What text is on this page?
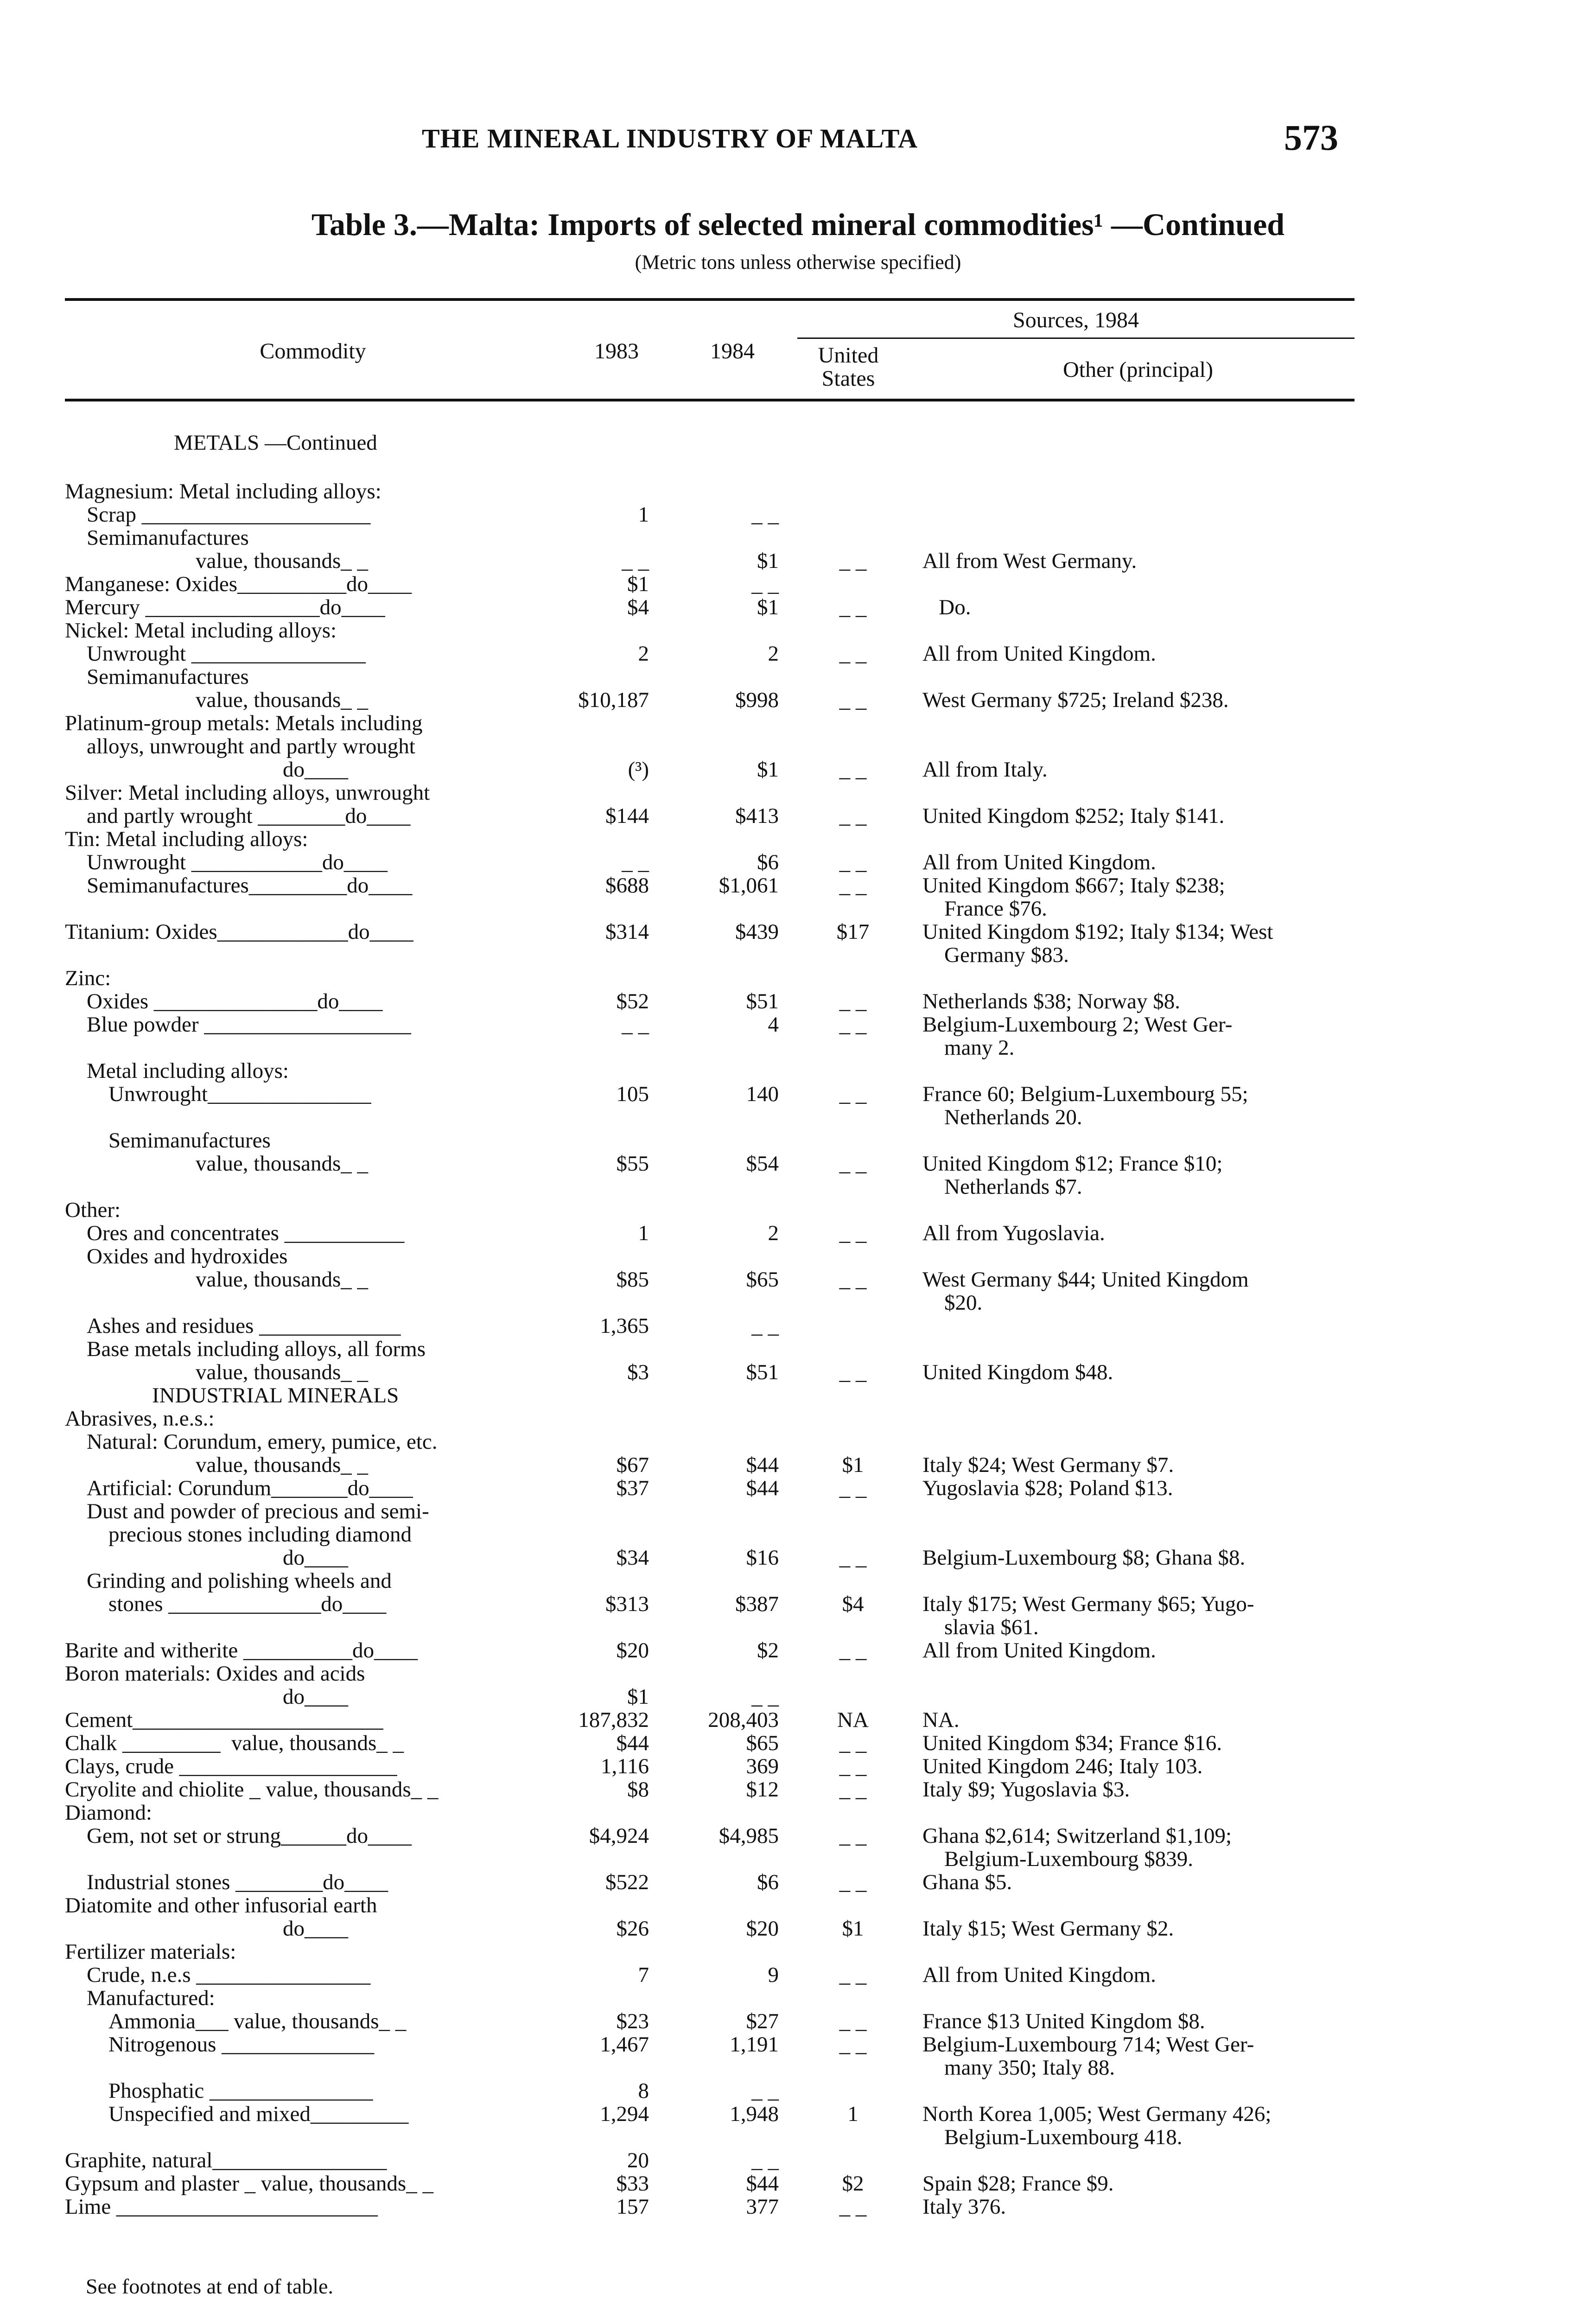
THE MINERAL INDUSTRY OF MALTA	573
Table 3.—Malta: Imports of selected mineral commodities¹ —Continued
(Metric tons unless otherwise specified)
Sources, 1984
Commodity	1983	1984	United States	Other (principal)
METALS —Continued
Magnesium: Metal including alloys:
Scrap _____________________	1	_ _
Semimanufactures
value, thousands_ _	_ _	$1	_ _	All from West Germany.
Manganese: Oxides__________do____	$1	_ _
Mercury ________________do____	$4	$1	_ _	Do.
Nickel: Metal including alloys:
Unwrought ________________	2	2	_ _	All from United Kingdom.
Semimanufactures
value, thousands_ _	$10,187	$998	_ _	West Germany $725; Ireland $238.
Platinum-group metals: Metals including
alloys, unwrought and partly wrought
do____	(³)	$1	_ _	All from Italy.
Silver: Metal including alloys, unwrought
and partly wrought ________do____	$144	$413	_ _	United Kingdom $252; Italy $141.
Tin: Metal including alloys:
Unwrought ____________do____	_ _	$6	_ _	All from United Kingdom.
Semimanufactures_________do____	$688	$1,061	_ _	United Kingdom $667; Italy $238;
France $76.
Titanium: Oxides____________do____	$314	$439	$17	United Kingdom $192; Italy $134; West
Germany $83.
Zinc:
Oxides _______________do____	$52	$51	_ _	Netherlands $38; Norway $8.
Blue powder ___________________	_ _	4	_ _	Belgium-Luxembourg 2; West Ger-
many 2.
Metal including alloys:
Unwrought_______________	105	140	_ _	France 60; Belgium-Luxembourg 55;
Netherlands 20.
Semimanufactures
value, thousands_ _	$55	$54	_ _	United Kingdom $12; France $10;
Netherlands $7.
Other:
Ores and concentrates ___________	1	2	_ _	All from Yugoslavia.
Oxides and hydroxides
value, thousands_ _	$85	$65	_ _	West Germany $44; United Kingdom
$20.
Ashes and residues _____________	1,365	_ _
Base metals including alloys, all forms
value, thousands_ _	$3	$51	_ _	United Kingdom $48.
INDUSTRIAL MINERALS
Abrasives, n.e.s.:
Natural: Corundum, emery, pumice, etc.
value, thousands_ _	$67	$44	$1	Italy $24; West Germany $7.
Artificial: Corundum_______do____	$37	$44	_ _	Yugoslavia $28; Poland $13.
Dust and powder of precious and semi-
precious stones including diamond
do____	$34	$16	_ _	Belgium-Luxembourg $8; Ghana $8.
Grinding and polishing wheels and
stones ______________do____	$313	$387	$4	Italy $175; West Germany $65; Yugo-
slavia $61.
Barite and witherite __________do____	$20	$2	_ _	All from United Kingdom.
Boron materials: Oxides and acids
do____	$1	_ _
Cement_______________________	187,832	208,403	NA	NA.
Chalk _________  value, thousands_ _	$44	$65	_ _	United Kingdom $34; France $16.
Clays, crude ____________________	1,116	369	_ _	United Kingdom 246; Italy 103.
Cryolite and chiolite _ value, thousands_ _	$8	$12	_ _	Italy $9; Yugoslavia $3.
Diamond:
Gem, not set or strung______do____	$4,924	$4,985	_ _	Ghana $2,614; Switzerland $1,109;
Belgium-Luxembourg $839.
Industrial stones ________do____	$522	$6	_ _	Ghana $5.
Diatomite and other infusorial earth
do____	$26	$20	$1	Italy $15; West Germany $2.
Fertilizer materials:
Crude, n.e.s ________________	7	9	_ _	All from United Kingdom.
Manufactured:
Ammonia___ value, thousands_ _	$23	$27	_ _	France $13 United Kingdom $8.
Nitrogenous ______________	1,467	1,191	_ _	Belgium-Luxembourg 714; West Ger-
many 350; Italy 88.
Phosphatic _______________	8	_ _
Unspecified and mixed_________	1,294	1,948	1	North Korea 1,005; West Germany 426;
Belgium-Luxembourg 418.
Graphite, natural________________	20	_ _
Gypsum and plaster _ value, thousands_ _	$33	$44	$2	Spain $28; France $9.
Lime ________________________	157	377	_ _	Italy 376.
See footnotes at end of table.
